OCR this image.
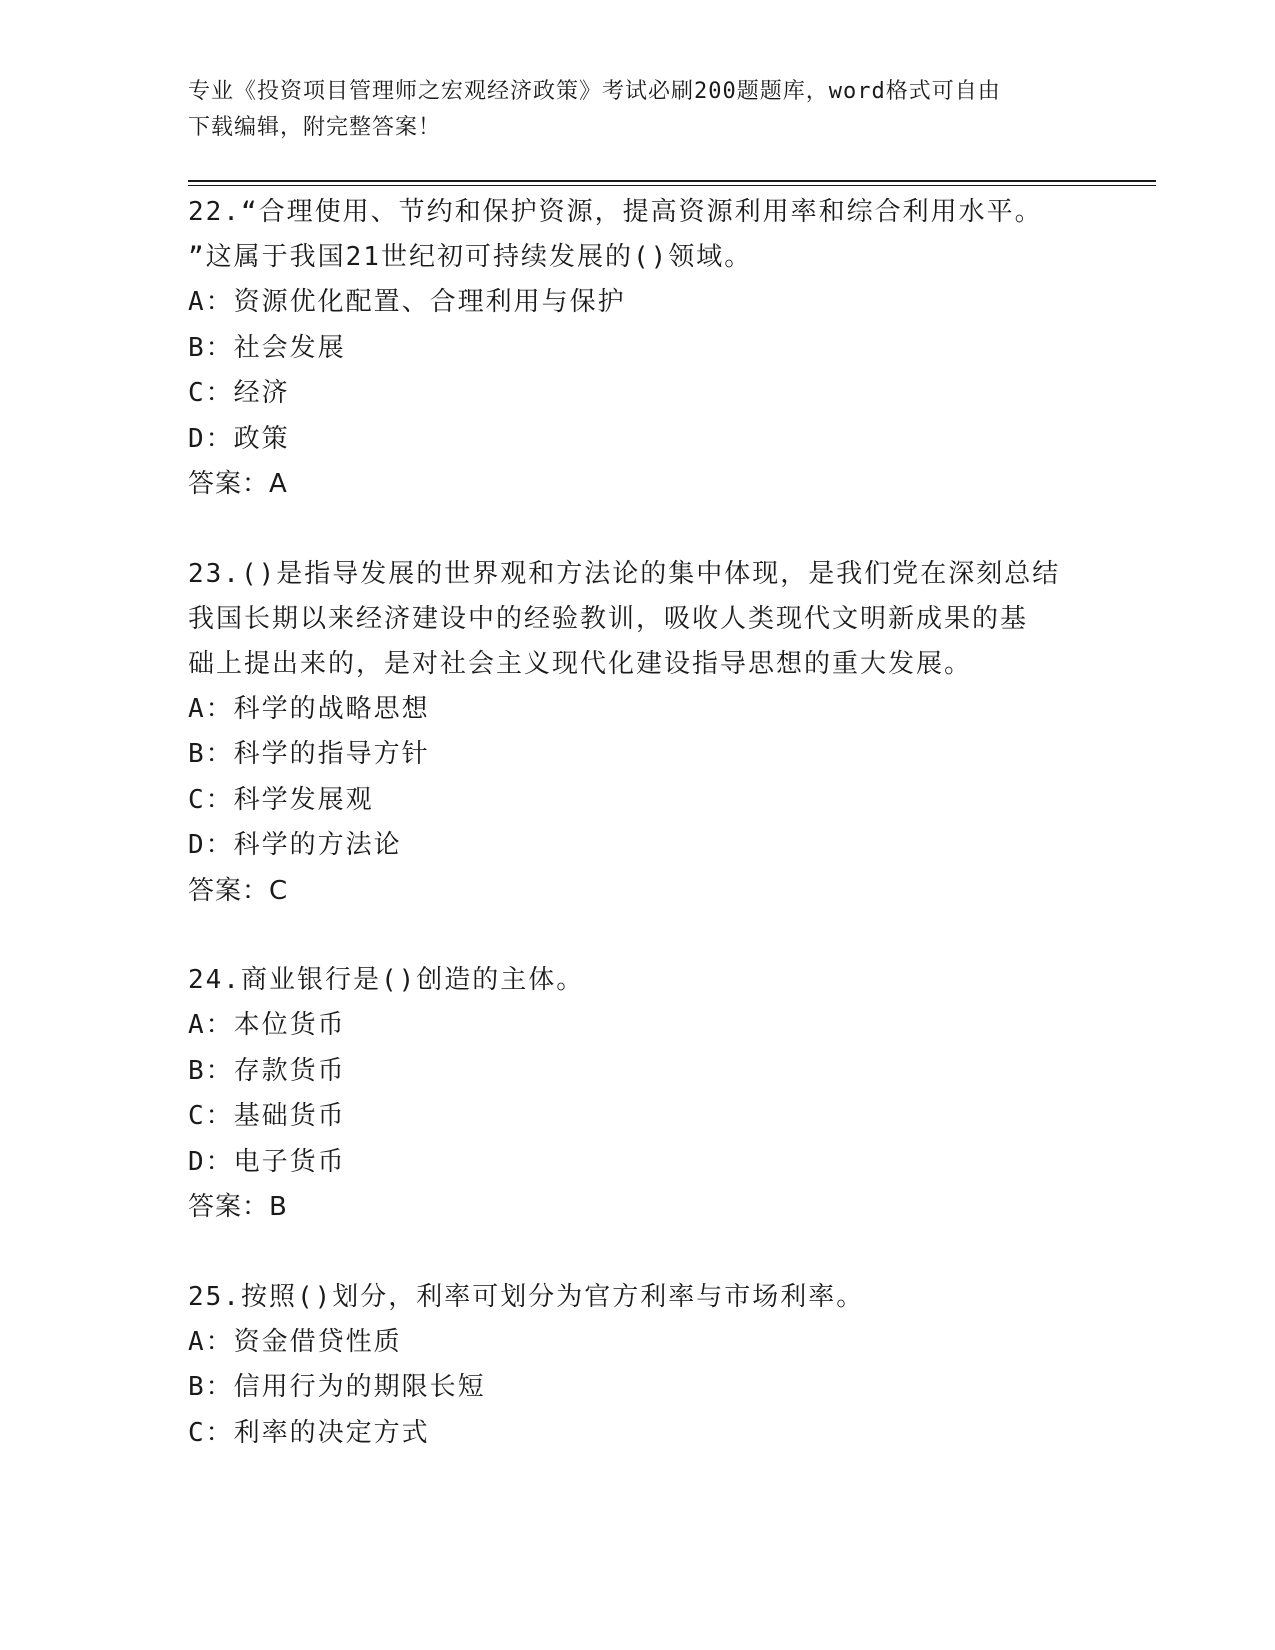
专业《投资项目管理师之宏观经济政策》考试必刷200题题库，word格式可自由
下载编辑，附完整答案！
22.“合理使用、节约和保护资源，提高资源利用率和综合利用水平。
”这属于我国21世纪初可持续发展的()领域。
A：资源优化配置、合理利用与保护
B：社会发展
C：经济
D：政策
答案：A
23.()是指导发展的世界观和方法论的集中体现，是我们党在深刻总结
我国长期以来经济建设中的经验教训，吸收人类现代文明新成果的基
础上提出来的，是对社会主义现代化建设指导思想的重大发展。
A：科学的战略思想
B：科学的指导方针
C：科学发展观
D：科学的方法论
答案：C
24.商业银行是()创造的主体。
A：本位货币
B：存款货币
C：基础货币
D：电子货币
答案：B
25.按照()划分，利率可划分为官方利率与市场利率。
A：资金借贷性质
B：信用行为的期限长短
C：利率的决定方式
